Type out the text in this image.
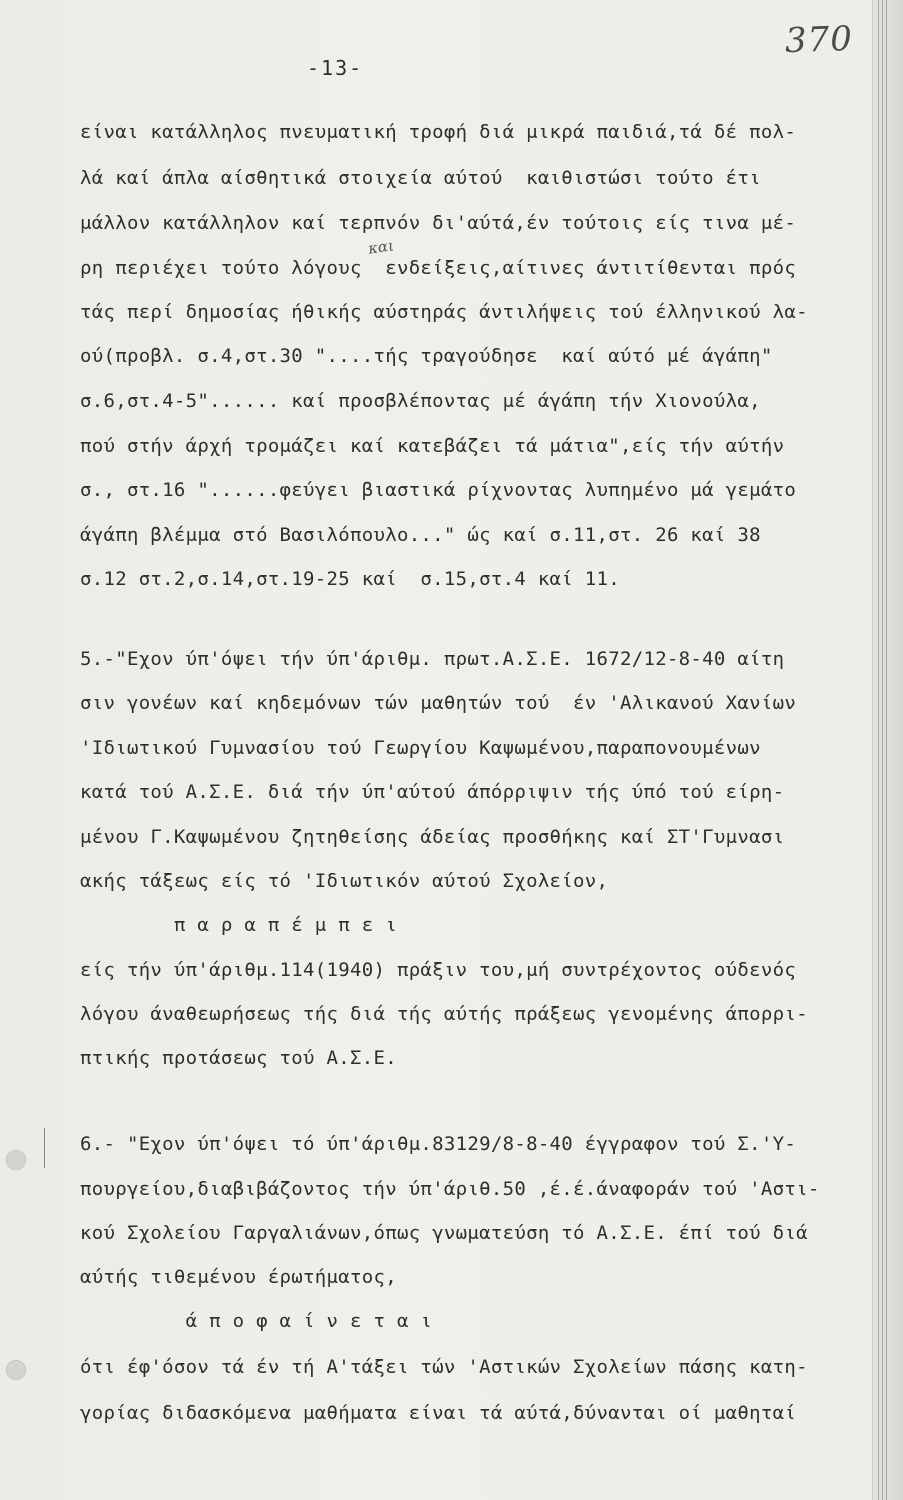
-13-
370
και
είναι κατάλληλος πνευματική τροφή διά μικρά παιδιά,τά δέ πολ-
λά καί άπλα αίσθητικά στοιχεία αύτού  καιθιστώσι τούτο έτι
μάλλον κατάλληλον καί τερπνόν δι'αύτά,έν τούτοις είς τινα μέ-
ρη περιέχει τούτο λόγους  ενδείξεις,αίτινες άντιτίθενται πρός
τάς περί δημοσίας ήθικής αύστηράς άντιλήψεις τού έλληνικού λα-
ού(προβλ. σ.4,στ.30 "....τής τραγούδησε  καί αύτό μέ άγάπη"
σ.6,στ.4-5"...... καί προσβλέποντας μέ άγάπη τήν Χιονούλα,
πού στήν άρχή τρομάζει καί κατεβάζει τά μάτια",είς τήν αύτήν
σ., στ.16 "......φεύγει βιαστικά ρίχνοντας λυπημένο μά γεμάτο
άγάπη βλέμμα στό Βασιλόπουλο..." ώς καί σ.11,στ. 26 καί 38
σ.12 στ.2,σ.14,στ.19-25 καί  σ.15,στ.4 καί 11.
5.-"Εχον ύπ'όψει τήν ύπ'άριθμ. πρωτ.Α.Σ.Ε. 1672/12-8-40 αίτη
σιν γονέων καί κηδεμόνων τών μαθητών τού  έν 'Αλικανού Χανίων
'Ιδιωτικού Γυμνασίου τού Γεωργίου Καψωμένου,παραπονουμένων
κατά τού Α.Σ.Ε. διά τήν ύπ'αύτού άπόρριψιν τής ύπό τού είρη-
μένου Γ.Καψωμένου ζητηθείσης άδείας προσθήκης καί ΣΤ'Γυμνασι
ακής τάξεως είς τό 'Ιδιωτικόν αύτού Σχολείον,
π α ρ α π έ μ π ε ι
είς τήν ύπ'άριθμ.114(1940) πράξιν του,μή συντρέχοντος ούδενός
λόγου άναθεωρήσεως τής διά τής αύτής πράξεως γενομένης άπορρι-
πτικής προτάσεως τού Α.Σ.Ε.
6.- "Εχον ύπ'όψει τό ύπ'άριθμ.83129/8-8-40 έγγραφον τού Σ.'Υ-
πουργείου,διαβιβάζοντος τήν ύπ'άριθ.50 ,έ.έ.άναφοράν τού 'Αστι-
κού Σχολείου Γαργαλιάνων,όπως γνωματεύση τό Α.Σ.Ε. έπί τού διά
αύτής τιθεμένου έρωτήματος,
ά π ο φ α ί ν ε τ α ι
ότι έφ'όσον τά έν τή Α'τάξει τών 'Αστικών Σχολείων πάσης κατη-
γορίας διδασκόμενα μαθήματα είναι τά αύτά,δύνανται οί μαθηταί
